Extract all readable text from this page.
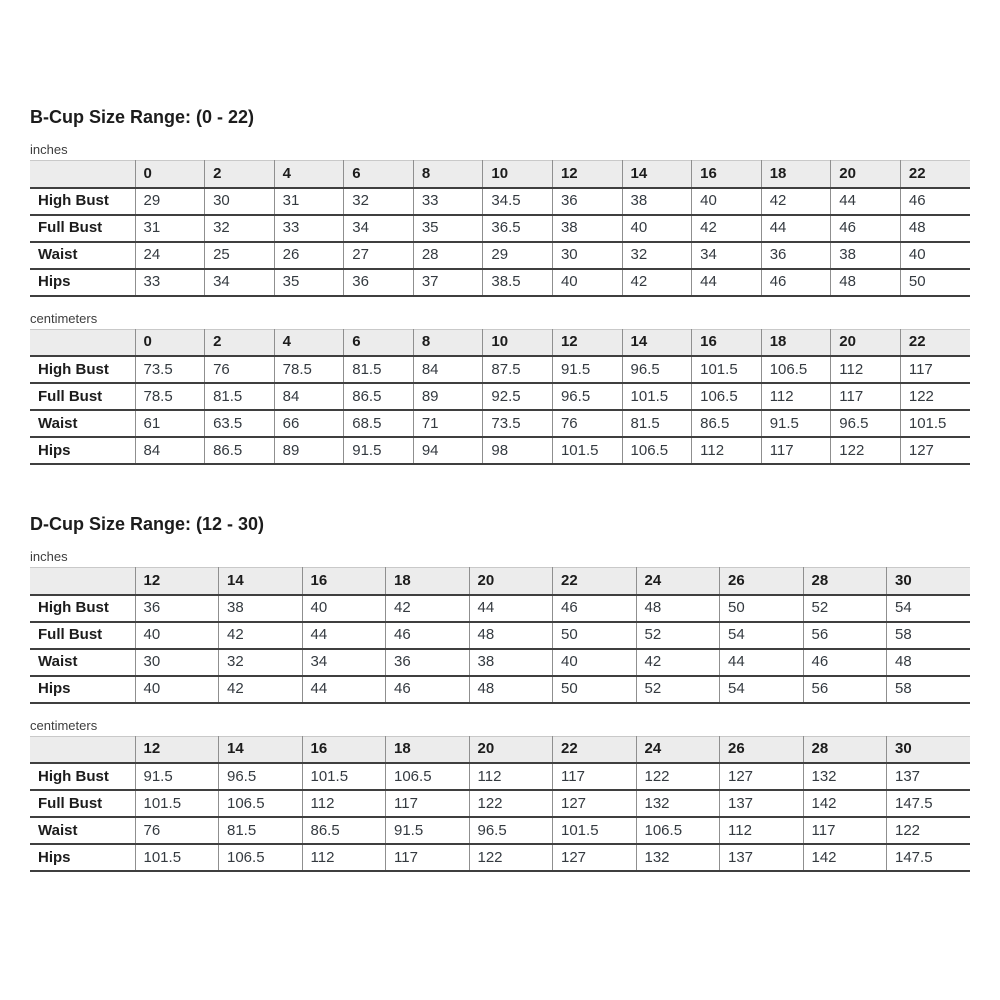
B-Cup Size Range: (0 - 22)
inches
	0	2	4	6	8	10	12	14	16	18	20	22
High Bust	29	30	31	32	33	34.5	36	38	40	42	44	46
Full Bust	31	32	33	34	35	36.5	38	40	42	44	46	48
Waist	24	25	26	27	28	29	30	32	34	36	38	40
Hips	33	34	35	36	37	38.5	40	42	44	46	48	50
centimeters
	0	2	4	6	8	10	12	14	16	18	20	22
High Bust	73.5	76	78.5	81.5	84	87.5	91.5	96.5	101.5	106.5	112	117
Full Bust	78.5	81.5	84	86.5	89	92.5	96.5	101.5	106.5	112	117	122
Waist	61	63.5	66	68.5	71	73.5	76	81.5	86.5	91.5	96.5	101.5
Hips	84	86.5	89	91.5	94	98	101.5	106.5	112	117	122	127
D-Cup Size Range: (12 - 30)
inches
	12	14	16	18	20	22	24	26	28	30
High Bust	36	38	40	42	44	46	48	50	52	54
Full Bust	40	42	44	46	48	50	52	54	56	58
Waist	30	32	34	36	38	40	42	44	46	48
Hips	40	42	44	46	48	50	52	54	56	58
centimeters
	12	14	16	18	20	22	24	26	28	30
High Bust	91.5	96.5	101.5	106.5	112	117	122	127	132	137
Full Bust	101.5	106.5	112	117	122	127	132	137	142	147.5
Waist	76	81.5	86.5	91.5	96.5	101.5	106.5	112	117	122
Hips	101.5	106.5	112	117	122	127	132	137	142	147.5
